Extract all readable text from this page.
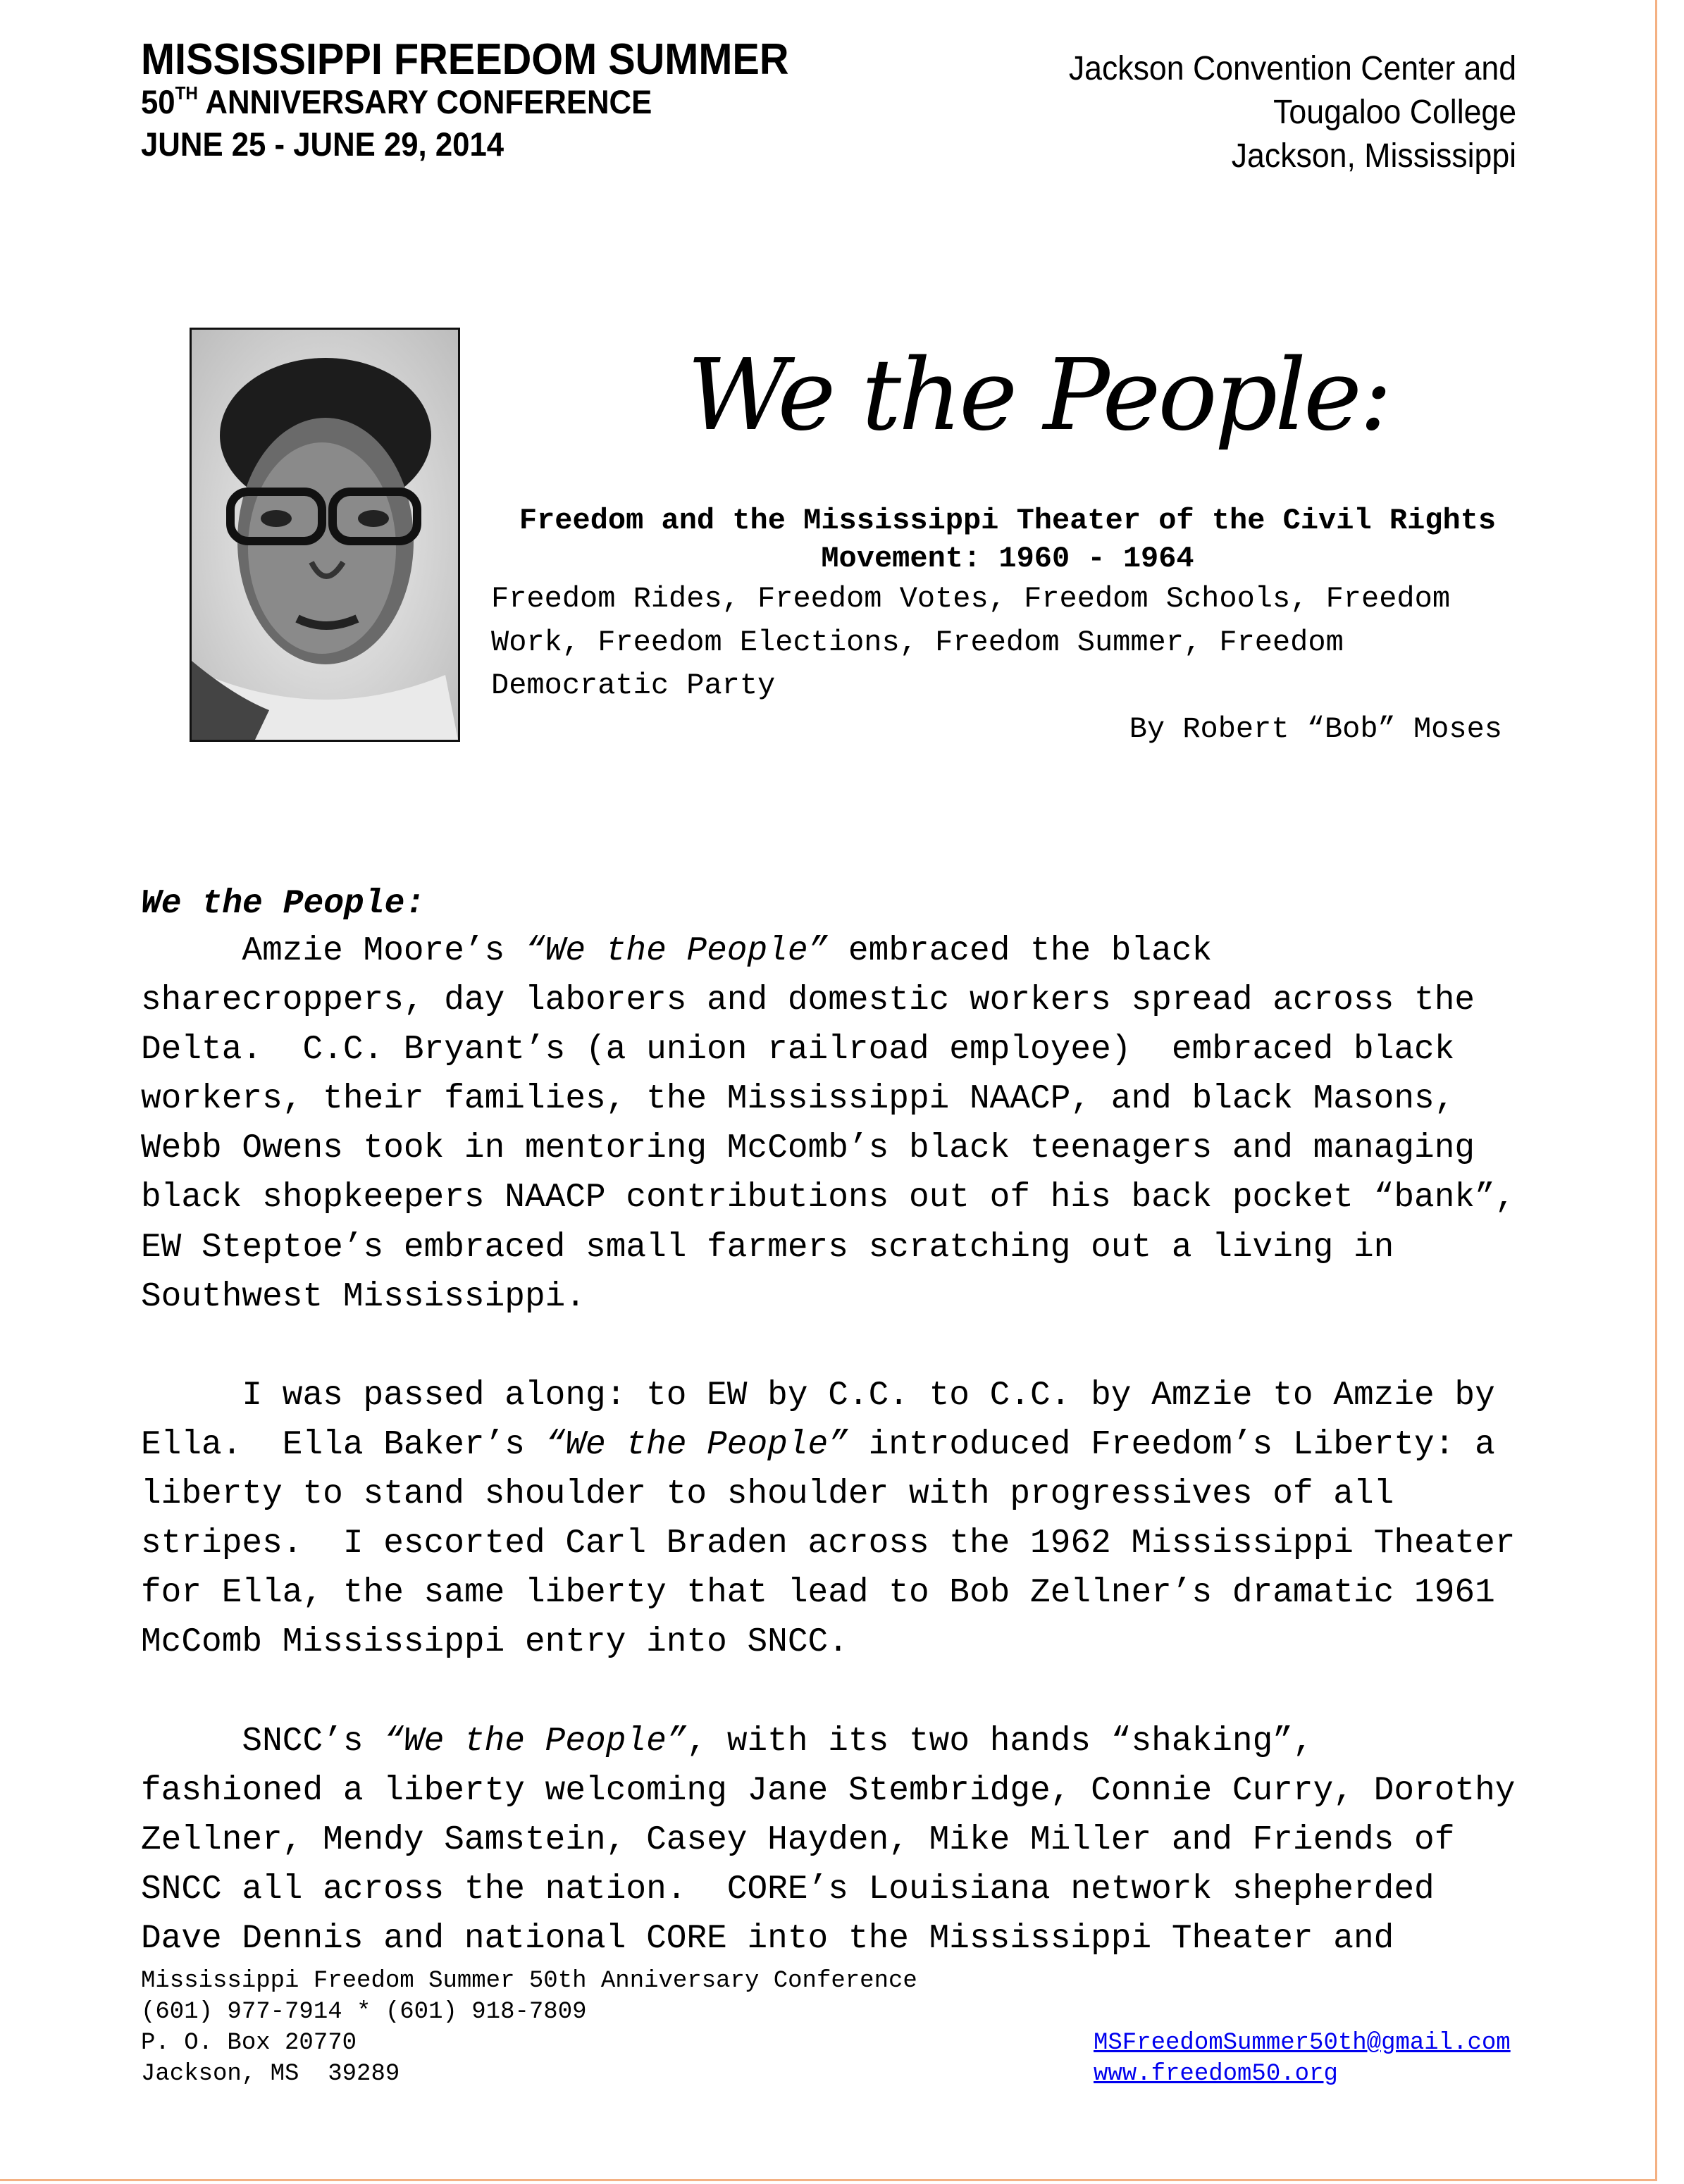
MISSISSIPPI FREEDOM SUMMER
50TH ANNIVERSARY CONFERENCE
JUNE 25 - JUNE 29, 2014
Jackson Convention Center and
Tougaloo College
Jackson, Mississippi
We the People:
Freedom and the Mississippi Theater of the Civil Rights
Movement: 1960 - 1964
Freedom Rides, Freedom Votes, Freedom Schools, Freedom
Work, Freedom Elections, Freedom Summer, Freedom
Democratic Party
By Robert “Bob” Moses
We the People:
Amzie Moore’s “We the People” embraced the black
sharecroppers, day laborers and domestic workers spread across the
Delta.  C.C. Bryant’s (a union railroad employee)  embraced black
workers, their families, the Mississippi NAACP, and black Masons,
Webb Owens took in mentoring McComb’s black teenagers and managing
black shopkeepers NAACP contributions out of his back pocket “bank”,
EW Steptoe’s embraced small farmers scratching out a living in
Southwest Mississippi.
I was passed along: to EW by C.C. to C.C. by Amzie to Amzie by
Ella.  Ella Baker’s “We the People” introduced Freedom’s Liberty: a
liberty to stand shoulder to shoulder with progressives of all
stripes.  I escorted Carl Braden across the 1962 Mississippi Theater
for Ella, the same liberty that lead to Bob Zellner’s dramatic 1961
McComb Mississippi entry into SNCC.
SNCC’s “We the People”, with its two hands “shaking”,
fashioned a liberty welcoming Jane Stembridge, Connie Curry, Dorothy
Zellner, Mendy Samstein, Casey Hayden, Mike Miller and Friends of
SNCC all across the nation.  CORE’s Louisiana network shepherded
Dave Dennis and national CORE into the Mississippi Theater and
Mississippi Freedom Summer 50th Anniversary Conference
(601) 977-7914 * (601) 918-7809
P. O. Box 20770
Jackson, MS  39289
MSFreedomSummer50th@gmail.com
www.freedom50.org
